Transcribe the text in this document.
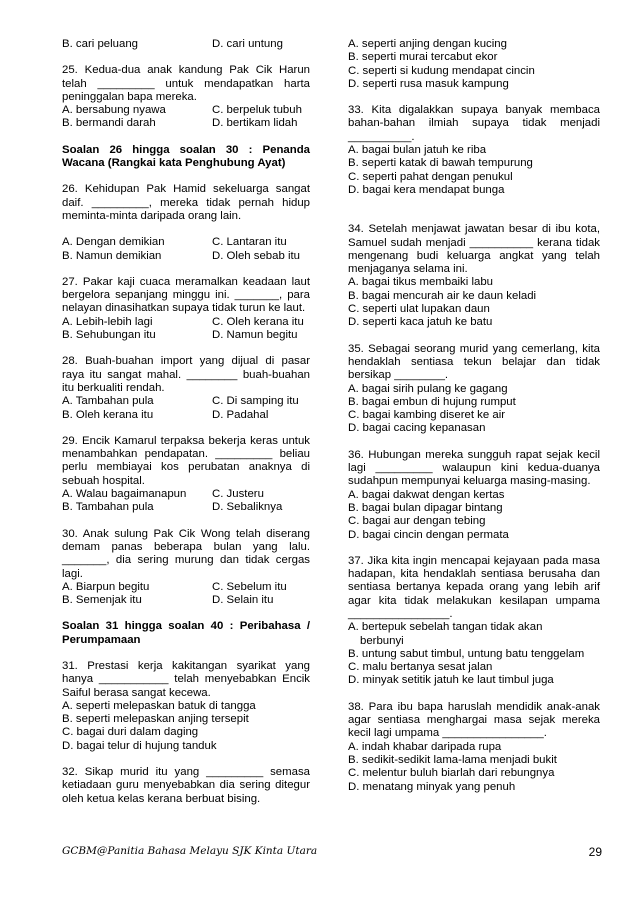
B. cari peluang	D. cari untung
25. Kedua-dua anak kandung Pak Cik Harun telah _________ untuk mendapatkan harta peninggalan bapa mereka.
A. bersabung nyawa	C. berpeluk tubuh
B. bermandi darah	D. bertikam lidah
Soalan 26 hingga soalan 30 : Penanda Wacana (Rangkai kata Penghubung Ayat)
26. Kehidupan Pak Hamid sekeluarga sangat daif. _________, mereka tidak pernah hidup meminta-minta daripada orang lain.
A. Dengan demikian	C. Lantaran itu
B. Namun demikian	D. Oleh sebab itu
27. Pakar kaji cuaca meramalkan keadaan laut bergelora sepanjang minggu ini. _______, para nelayan dinasihatkan supaya tidak turun ke laut.
A. Lebih-lebih lagi	C. Oleh kerana itu
B. Sehubungan itu	D. Namun begitu
28. Buah-buahan import yang dijual di pasar raya itu sangat mahal. ________ buah-buahan itu berkualiti rendah.
A. Tambahan pula	C. Di samping itu
B. Oleh kerana itu	D. Padahal
29. Encik Kamarul terpaksa bekerja keras untuk menambahkan pendapatan. _________ beliau perlu membiayai kos perubatan anaknya di sebuah hospital.
A. Walau bagaimanapun	C. Justeru
B. Tambahan pula	D. Sebaliknya
30. Anak sulung Pak Cik Wong telah diserang demam panas beberapa bulan yang lalu. _______, dia sering murung dan tidak cergas lagi.
A. Biarpun begitu	C. Sebelum itu
B. Semenjak itu	D. Selain itu
Soalan 31 hingga soalan 40 : Peribahasa / Perumpamaan
31. Prestasi kerja kakitangan syarikat yang hanya ___________ telah menyebabkan Encik Saiful berasa sangat kecewa.
A. seperti melepaskan batuk di tangga
B. seperti melepaskan anjing tersepit
C. bagai duri dalam daging
D. bagai telur di hujung tanduk
32. Sikap murid itu yang _________ semasa ketiadaan guru menyebabkan dia sering ditegur oleh ketua kelas kerana berbuat bising.
A. seperti anjing dengan kucing
B. seperti murai tercabut ekor
C. seperti si kudung mendapat cincin
D. seperti rusa masuk kampung
33. Kita digalakkan supaya banyak membaca bahan-bahan ilmiah supaya tidak menjadi __________.
A. bagai bulan jatuh ke riba
B. seperti katak di bawah tempurung
C. seperti pahat dengan penukul
D. bagai kera mendapat bunga
34. Setelah menjawat jawatan besar di ibu kota, Samuel sudah menjadi __________ kerana tidak mengenang budi keluarga angkat yang telah menjaganya selama ini.
A. bagai tikus membaiki labu
B. bagai mencurah air ke daun keladi
C. seperti ulat lupakan daun
D. seperti kaca jatuh ke batu
35. Sebagai seorang murid yang cemerlang, kita hendaklah sentiasa tekun belajar dan tidak bersikap ________.
A. bagai sirih pulang ke gagang
B. bagai embun di hujung rumput
C. bagai kambing diseret ke air
D. bagai cacing kepanasan
36. Hubungan mereka sungguh rapat sejak kecil lagi _________ walaupun kini kedua-duanya sudahpun mempunyai keluarga masing-masing.
A. bagai dakwat dengan kertas
B. bagai bulan dipagar bintang
C. bagai aur dengan tebing
D. bagai cincin dengan permata
37. Jika kita ingin mencapai kejayaan pada masa hadapan, kita hendaklah sentiasa berusaha dan sentiasa bertanya kepada orang yang lebih arif agar kita tidak melakukan kesilapan umpama ________________.
A. bertepuk sebelah tangan tidak akan
berbunyi
B. untung sabut timbul, untung batu tenggelam
C. malu bertanya sesat jalan
D. minyak setitik jatuh ke laut timbul juga
38. Para ibu bapa haruslah mendidik anak-anak agar sentiasa menghargai masa sejak mereka kecil lagi umpama ________________.
A. indah khabar daripada rupa
B. sedikit-sedikit lama-lama menjadi bukit
C. melentur buluh biarlah dari rebungnya
D. menatang minyak yang penuh
GCBM@Panitia Bahasa Melayu SJK Kinta Utara	29
